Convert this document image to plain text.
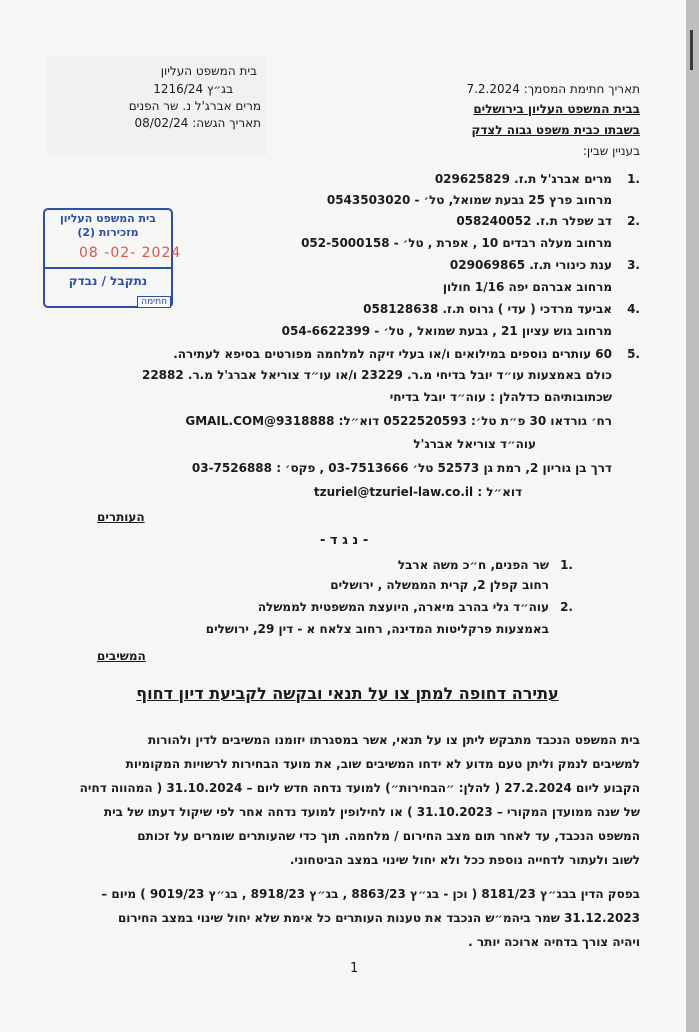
בית המשפט העליון
בג״ץ 1216/24
מרים אברג'ל נ. שר הפנים
תאריך הגשה: 08/02/24
בית המשפט העליון
מזכירות (2)
08 -02- 2024
נתקבל / נבדק
חתימה
תאריך חתימת המסמך: 7.2.2024
בבית המשפט העליון בירושלים
בשבתו כבית משפט גבוה לצדק
בעניין שבין:
1.
מרים אברג'ל ת.ז. 029625829
מרחוב פרץ 25 גבעת שמואל, טל׳ - 0543503020
2.
דב שפלר ת.ז. 058240052
מרחוב מעלה רבדים 10 , אפרת , טל׳ - 052-5000158
3.
ענת כינורי ת.ז. 029069865
מרחוב אברהם יפה 1/16 חולון
4.
אביעד מרדכי ( עדי ) גרוס ת.ז. 058128638
מרחוב גוש עציון 21 , גבעת שמואל , טל׳ - 054-6622399
5.
60 עותרים נוספים במילואים ו/או בעלי זיקה למלחמה מפורטים בסיפא לעתירה.
כולם באמצעות עו״ד יובל בדיחי מ.ר. 23229 ו/או עו״ד צוריאל אברג'ל מ.ר. 22882
שכתובותיהם כדלהלן : עוה״ד יובל בדיחי
רח׳ גורדאו 30 פ״ת טל׳: 0522520593 דוא״ל: 9318888@GMAIL.COM
עוה״ד צוריאל אברג'ל
דרך בן גוריון 2, רמת גן 52573 טל׳ 03-7513666 , פקס׳ : 03-7526888
דוא״ל : tzuriel@tzuriel-law.co.il
העותרים
- נ ג ד -
1.
שר הפנים, ח״כ משה ארבל
רחוב קפלן 2, קרית הממשלה , ירושלים
2.
עוה״ד גלי בהרב מיארה, היועצת המשפטית לממשלה
באמצעות פרקליטות המדינה, רחוב צלאח א - דין 29, ירושלים
המשיבים
עתירה דחופה למתן צו על תנאי ובקשה לקביעת דיון דחוף
בית המשפט הנכבד מתבקש ליתן צו על תנאי, אשר במסגרתו יזומנו המשיבים לדין ולהורות
למשיבים לנמק וליתן טעם מדוע לא ידחו המשיבים שוב, את מועד הבחירות לרשויות המקומיות
הקבוע ליום 27.2.2024 ( להלן: ״הבחירות״) למועד נדחה חדש ליום – 31.10.2024 ( המהווה דחיה
של שנה ממועדן המקורי – 31.10.2023 ) או לחילופין למועד נדחה אחר לפי שיקול דעתו של בית
המשפט הנכבד, עד לאחר תום מצב החירום / מלחמה. תוך כדי שהעותרים שומרים על זכותם
לשוב ולעתור לדחייה נוספת ככל ולא יחול שינוי במצב הביטחוני.
בפסק הדין בבג״ץ 8181/23 ( וכן - בג״ץ 8863/23 , בג״ץ 8918/23 , בג״ץ 9019/23 ) מיום –
31.12.2023 שמר ביהמ״ש הנכבד את טענות העותרים כל אימת שלא יחול שינוי במצב החירום
ויהיה צורך בדחיה ארוכה יותר .
1
